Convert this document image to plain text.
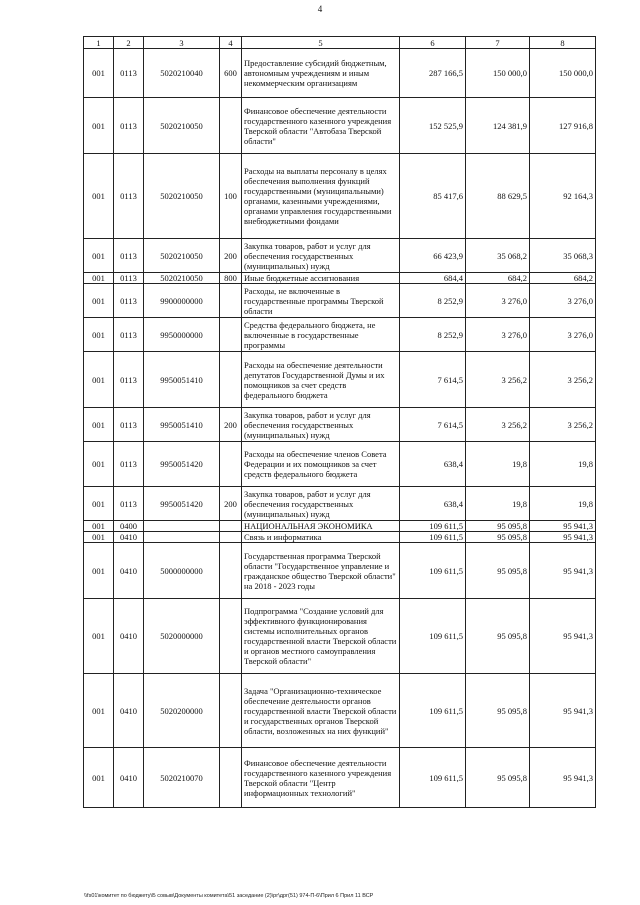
4
1	2	3	4	5	6	7	8
001	0113	5020210040	600	Предоставление субсидий бюджетным, автономным учреждениям и иным некоммерческим организациям	287 166,5	150 000,0	150 000,0
001	0113	5020210050		Финансовое обеспечение деятельности государственного казенного учреждения Тверской области "Автобаза Тверской области"	152 525,9	124 381,9	127 916,8
001	0113	5020210050	100	Расходы на выплаты персоналу в целях обеспечения выполнения функций государственными (муниципальными) органами, казенными учреждениями, органами управления государственными внебюджетными фондами	85 417,6	88 629,5	92 164,3
001	0113	5020210050	200	Закупка товаров, работ и услуг для обеспечения государственных (муниципальных) нужд	66 423,9	35 068,2	35 068,3
001	0113	5020210050	800	Иные бюджетные ассигнования	684,4	684,2	684,2
001	0113	9900000000		Расходы, не включенные в государственные программы Тверской области	8 252,9	3 276,0	3 276,0
001	0113	9950000000		Средства федерального бюджета, не включенные в государственные программы	8 252,9	3 276,0	3 276,0
001	0113	9950051410		Расходы на обеспечение деятельности депутатов Государственной Думы и их помощников за счет средств федерального бюджета	7 614,5	3 256,2	3 256,2
001	0113	9950051410	200	Закупка товаров, работ и услуг для обеспечения государственных (муниципальных) нужд	7 614,5	3 256,2	3 256,2
001	0113	9950051420		Расходы на обеспечение членов Совета Федерации и их помощников за счет средств федерального бюджета	638,4	19,8	19,8
001	0113	9950051420	200	Закупка товаров, работ и услуг для обеспечения государственных (муниципальных) нужд	638,4	19,8	19,8
001	0400			НАЦИОНАЛЬНАЯ ЭКОНОМИКА	109 611,5	95 095,8	95 941,3
001	0410			Связь и информатика	109 611,5	95 095,8	95 941,3
001	0410	5000000000		Государственная программа Тверской области "Государственное управление и гражданское общество Тверской области" на 2018 - 2023 годы	109 611,5	95 095,8	95 941,3
001	0410	5020000000		Подпрограмма "Создание условий для эффективного функционирования системы исполнительных органов государственной власти Тверской области и органов местного самоуправления Тверской области"	109 611,5	95 095,8	95 941,3
001	0410	5020200000		Задача "Организационно-техническое обеспечение деятельности органов государственной власти Тверской области и государственных органов Тверской области, возложенных на них функций"	109 611,5	95 095,8	95 941,3
001	0410	5020210070		Финансовое обеспечение деятельности государственного казенного учреждения Тверской области "Центр информационных технологий"	109 611,5	95 095,8	95 941,3
\\fs01\комитет по бюджету\Б совыв\Документы комитета\51 заседание (2)\рг\дрг(51) 974-П-6\Прил 6 Прил 11 ВСР
